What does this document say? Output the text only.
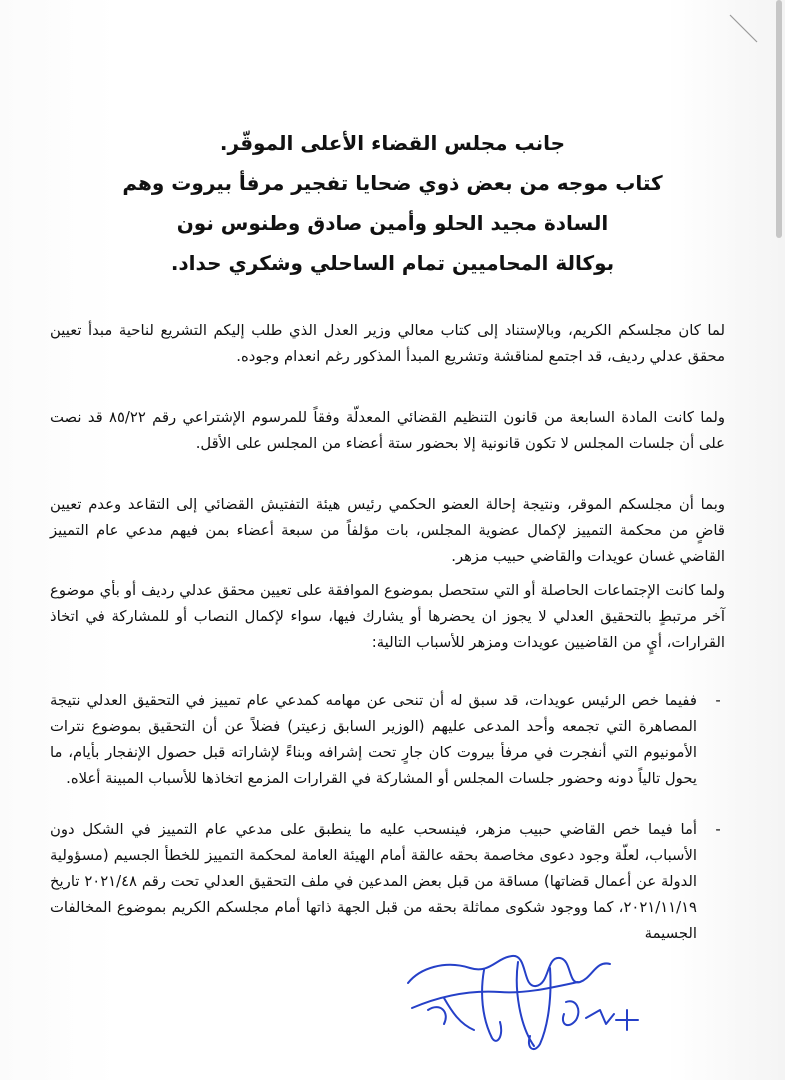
جانب مجلس القضاء الأعلى الموقّر.
كتاب موجه من بعض ذوي ضحايا تفجير مرفأ بيروت وهم
السادة مجيد الحلو وأمين صادق وطنوس نون
بوكالة المحاميين تمام الساحلي وشكري حداد.
لما كان مجلسكم الكريم، وبالإستناد إلى كتاب معالي وزير العدل الذي طلب إليكم التشريع لناحية مبدأ تعيين محقق عدلي رديف، قد اجتمع لمناقشة وتشريع المبدأ المذكور رغم انعدام وجوده.
ولما كانت المادة السابعة من قانون التنظيم القضائي المعدلّة وفقاً للمرسوم الإشتراعي رقم ٨٥/٢٢ قد نصت على أن جلسات المجلس لا تكون قانونية إلا بحضور ستة أعضاء من المجلس على الأقل.
وبما أن مجلسكم الموقر، ونتيجة إحالة العضو الحكمي رئيس هيئة التفتيش القضائي إلى التقاعد وعدم تعيين قاضٍ من محكمة التمييز لإكمال عضوية المجلس، بات مؤلفاً من سبعة أعضاء بمن فيهم مدعي عام التمييز القاضي غسان عويدات والقاضي حبيب مزهر.
ولما كانت الإجتماعات الحاصلة أو التي ستحصل بموضوع الموافقة على تعيين محقق عدلي رديف أو بأي موضوع آخر مرتبطٍ بالتحقيق العدلي لا يجوز ان يحضرها أو يشارك فيها، سواء لإكمال النصاب أو للمشاركة في اتخاذ القرارات، أيٍ من القاضيين عويدات ومزهر للأسباب التالية:
-
ففيما خص الرئيس عويدات، قد سبق له أن تنحى عن مهامه كمدعي عام تمييز في التحقيق العدلي نتيجة المصاهرة التي تجمعه وأحد المدعى عليهم (الوزير السابق زعيتر) فضلاً عن أن التحقيق بموضوع نترات الأمونيوم التي أنفجرت في مرفأ بيروت كان جارٍ تحت إشرافه وبناءً لإشاراته قبل حصول الإنفجار بأيام، ما يحول تالياً دونه وحضور جلسات المجلس أو المشاركة في القرارات المزمع اتخاذها للأسباب المبينة أعلاه.
-
أما فيما خص القاضي حبيب مزهر، فينسحب عليه ما ينطبق على مدعي عام التمييز في الشكل دون الأسباب، لعلّة وجود دعوى مخاصمة بحقه عالقة أمام الهيئة العامة لمحكمة التمييز للخطأ الجسيم (مسؤولية الدولة عن أعمال قضاتها) مساقة من قبل بعض المدعين في ملف التحقيق العدلي تحت رقم ٢٠٢١/٤٨ تاريخ ٢٠٢١/١١/١٩، كما ووجود شكوى مماثلة بحقه من قبل الجهة ذاتها أمام مجلسكم الكريم بموضوع المخالفات الجسيمة
